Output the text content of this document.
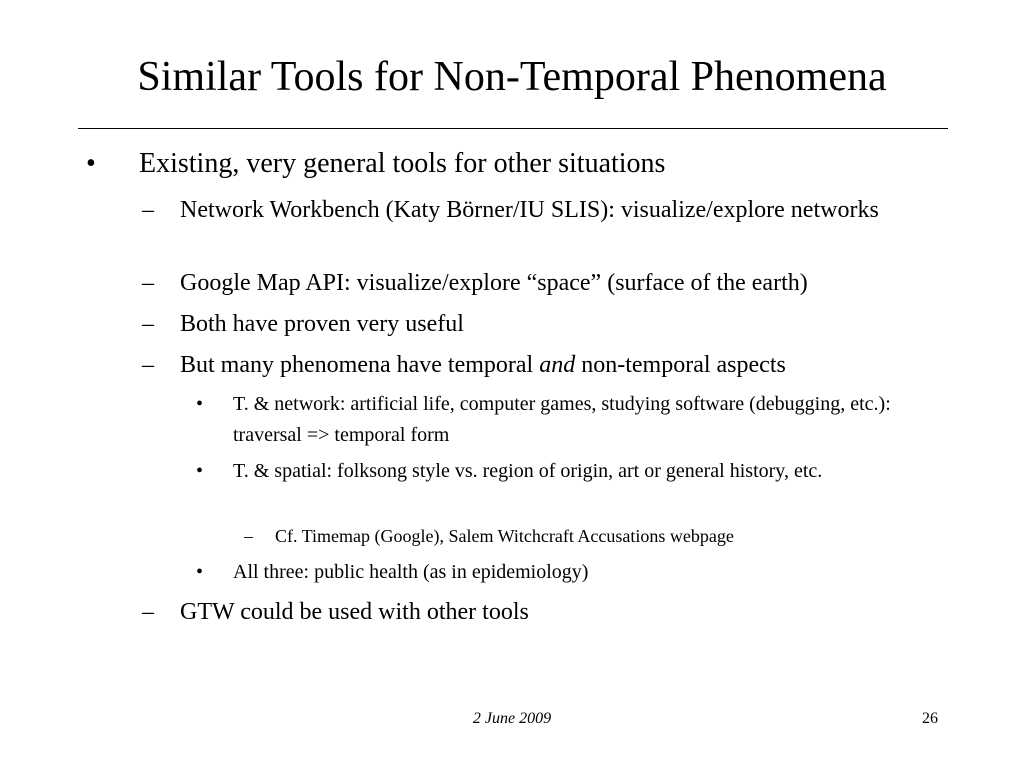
Similar Tools for Non-Temporal Phenomena
• Existing, very general tools for other situations
– Network Workbench (Katy Börner/IU SLIS): visualize/explore networks
– Google Map API: visualize/explore “space” (surface of the earth)
– Both have proven very useful
– But many phenomena have temporal and non-temporal aspects
• T. & network: artificial life, computer games, studying software (debugging, etc.): traversal => temporal form
• T. & spatial: folksong style vs. region of origin, art or general history, etc.
– Cf. Timemap (Google), Salem Witchcraft Accusations webpage
• All three: public health (as in epidemiology)
– GTW could be used with other tools
2 June 2009	26
